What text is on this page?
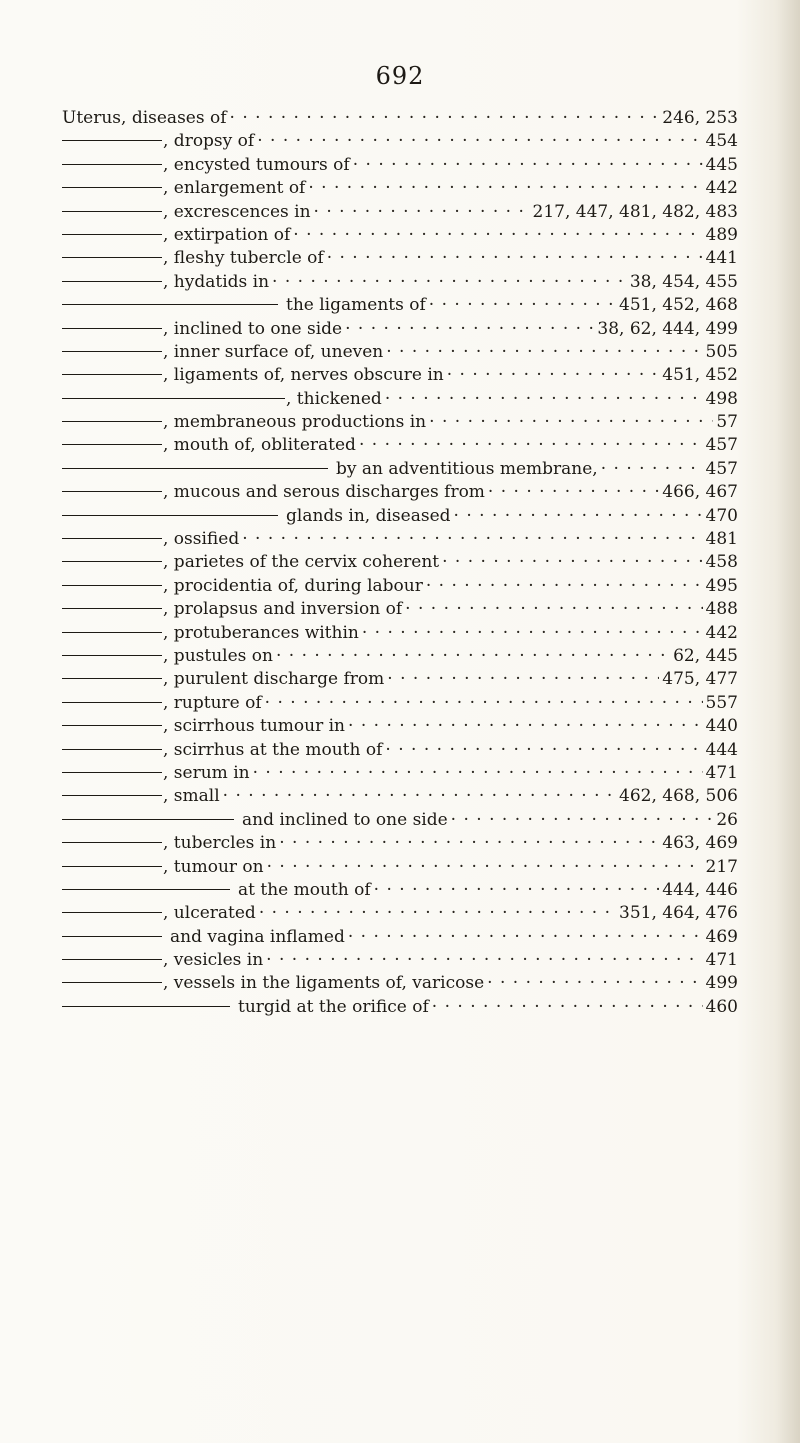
692
Uterus, diseases of · · ·	246, 253
, dropsy of · · ·	454
, encysted tumours of · · ·	445
, enlargement of · · ·	442
, excrescences in · · ·	217, 447, 481, 482, 483
, extirpation of · · ·	489
, fleshy tubercle of · · ·	441
, hydatids in · · ·	38, 454, 455
the ligaments of · · ·	451, 452, 468
, inclined to one side · · ·	38, 62, 444, 499
, inner surface of, uneven · · ·	505
, ligaments of, nerves obscure in · · ·	451, 452
, thickened · · ·	498
, membraneous productions in · · ·	57
, mouth of, obliterated · · ·	457
by an adventitious membrane, · · ·	457
, mucous and serous discharges from · · ·	466, 467
glands in, diseased · · ·	470
, ossified · · ·	481
, parietes of the cervix coherent · · ·	458
, procidentia of, during labour · · ·	495
, prolapsus and inversion of · · ·	488
, protuberances within · · ·	442
, pustules on · · ·	62, 445
, purulent discharge from · · ·	475, 477
, rupture of · · ·	557
, scirrhous tumour in · · ·	440
, scirrhus at the mouth of · · ·	444
, serum in · · ·	471
, small · · ·	462, 468, 506
and inclined to one side · · ·	26
, tubercles in · · ·	463, 469
, tumour on · · ·	217
at the mouth of · · ·	444, 446
, ulcerated · · ·	351, 464, 476
and vagina inflamed · · ·	469
, vesicles in · · ·	471
, vessels in the ligaments of, varicose · · ·	499
turgid at the orifice of · · ·	460
